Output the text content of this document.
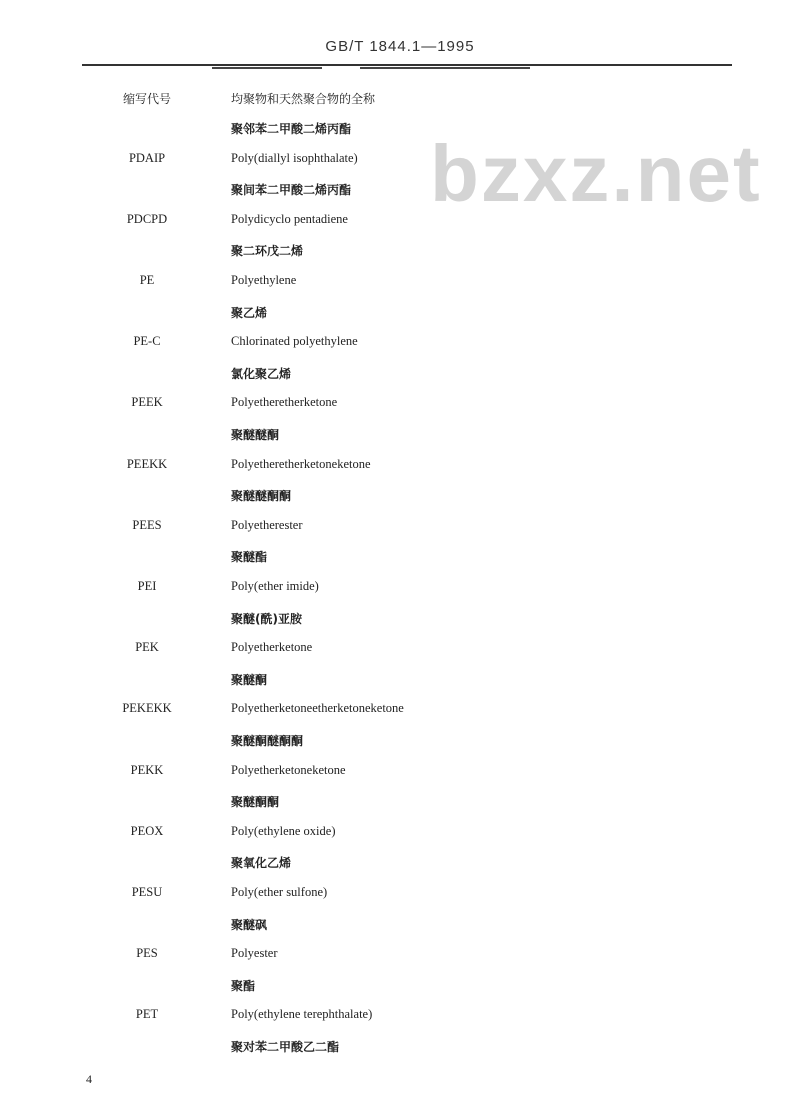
GB/T 1844.1—1995
bzxz.net
缩写代号	均聚物和天然聚合物的全称
聚邻苯二甲酸二烯丙酯
PDAIP	Poly(diallyl isophthalate)
聚间苯二甲酸二烯丙酯
PDCPD	Polydicyclo pentadiene
聚二环戊二烯
PE	Polyethylene
聚乙烯
PE-C	Chlorinated polyethylene
氯化聚乙烯
PEEK	Polyetheretherketone
聚醚醚酮
PEEKK	Polyetheretherketoneketone
聚醚醚酮酮
PEES	Polyetherester
聚醚酯
PEI	Poly(ether imide)
聚醚(酰)亚胺
PEK	Polyetherketone
聚醚酮
PEKEKK	Polyetherketoneetherketoneketone
聚醚酮醚酮酮
PEKK	Polyetherketoneketone
聚醚酮酮
PEOX	Poly(ethylene oxide)
聚氧化乙烯
PESU	Poly(ether sulfone)
聚醚砜
PES	Polyester
聚酯
PET	Poly(ethylene terephthalate)
聚对苯二甲酸乙二酯
4
